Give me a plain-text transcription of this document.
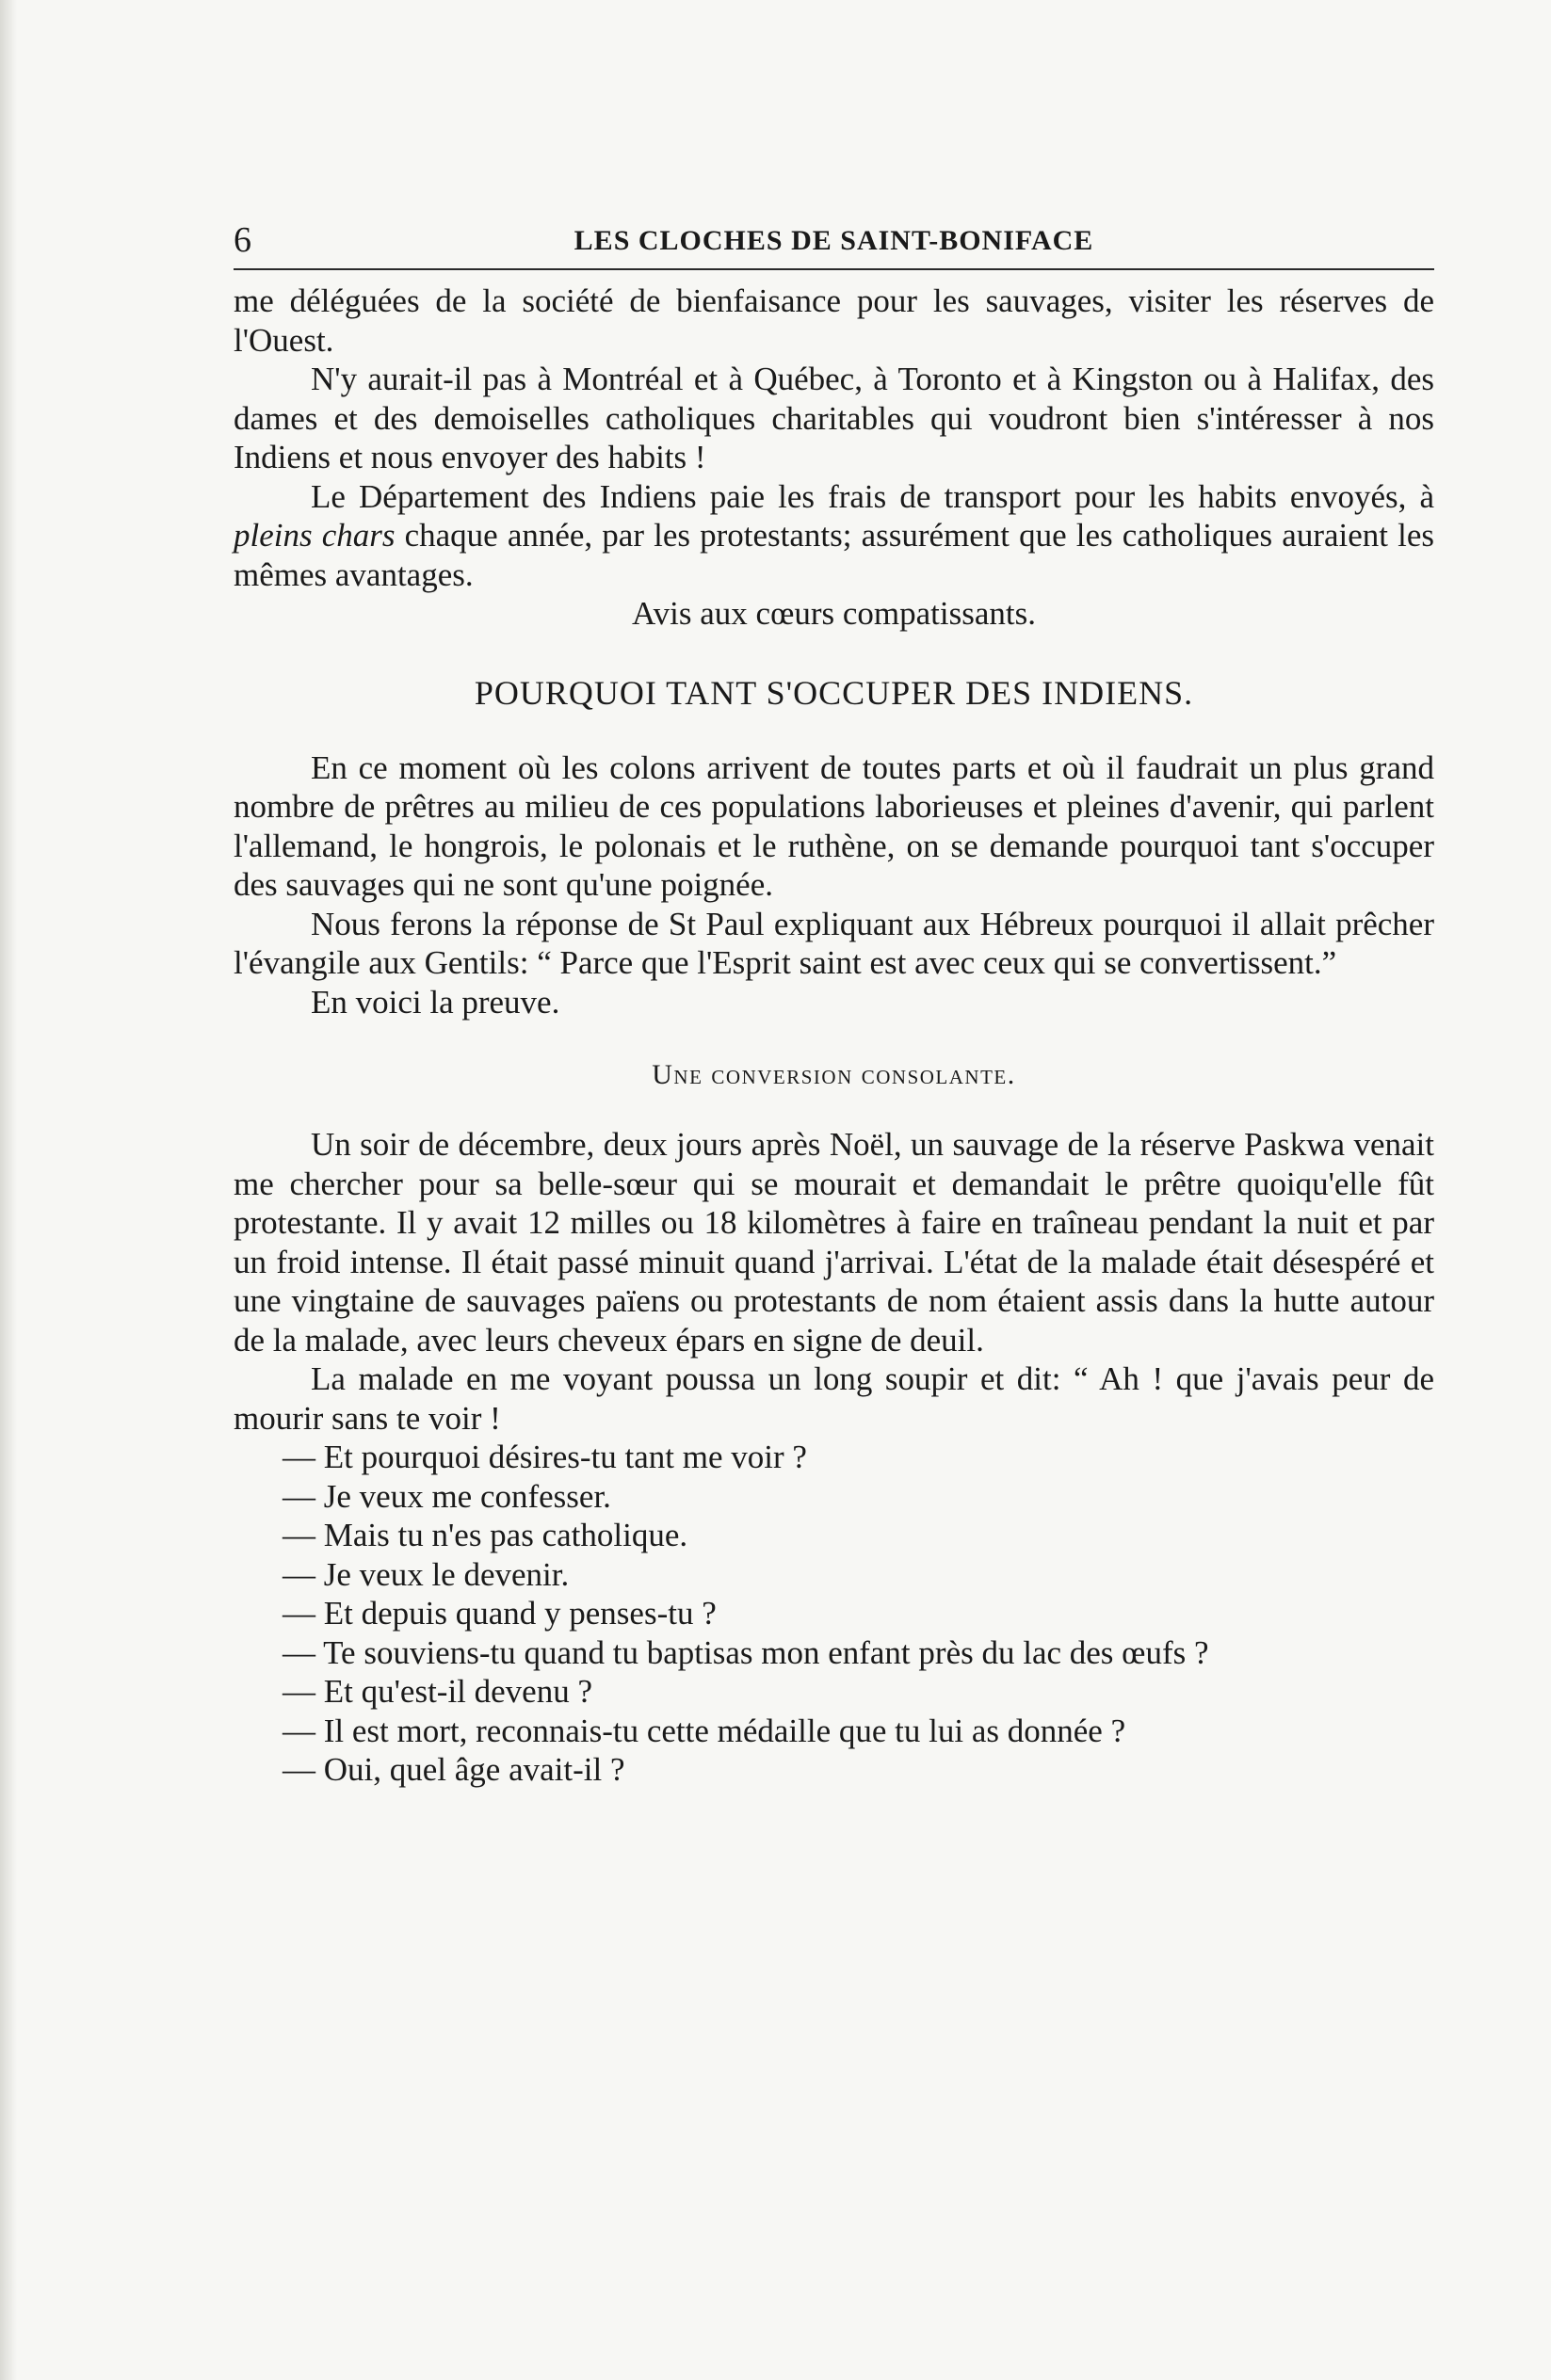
6	LES CLOCHES DE SAINT-BONIFACE

me déléguées de la société de bienfaisance pour les sauvages, visiter les réserves de l'Ouest.

N'y aurait-il pas à Montréal et à Québec, à Toronto et à Kingston ou à Halifax, des dames et des demoiselles catholiques charitables qui voudront bien s'intéresser à nos Indiens et nous envoyer des habits !

Le Département des Indiens paie les frais de transport pour les habits envoyés, à pleins chars chaque année, par les protestants; assurément que les catholiques auraient les mêmes avantages.

Avis aux cœurs compatissants.

POURQUOI TANT S'OCCUPER DES INDIENS.

En ce moment où les colons arrivent de toutes parts et où il faudrait un plus grand nombre de prêtres au milieu de ces populations laborieuses et pleines d'avenir, qui parlent l'allemand, le hongrois, le polonais et le ruthène, on se demande pourquoi tant s'occuper des sauvages qui ne sont qu'une poignée.

Nous ferons la réponse de St Paul expliquant aux Hébreux pourquoi il allait prêcher l'évangile aux Gentils: “ Parce que l'Esprit saint est avec ceux qui se convertissent.”

En voici la preuve.

Une conversion consolante.

Un soir de décembre, deux jours après Noël, un sauvage de la réserve Paskwa venait me chercher pour sa belle-sœur qui se mourait et demandait le prêtre quoiqu'elle fût protestante. Il y avait 12 milles ou 18 kilomètres à faire en traîneau pendant la nuit et par un froid intense. Il était passé minuit quand j'arrivai. L'état de la malade était désespéré et une vingtaine de sauvages païens ou protestants de nom étaient assis dans la hutte autour de la malade, avec leurs cheveux épars en signe de deuil.

La malade en me voyant poussa un long soupir et dit: “ Ah ! que j'avais peur de mourir sans te voir !

— Et pourquoi désires-tu tant me voir ?

— Je veux me confesser.

— Mais tu n'es pas catholique.

— Je veux le devenir.

— Et depuis quand y penses-tu ?

— Te souviens-tu quand tu baptisas mon enfant près du lac des œufs ?

— Et qu'est-il devenu ?

— Il est mort, reconnais-tu cette médaille que tu lui as donnée ?

— Oui, quel âge avait-il ?
